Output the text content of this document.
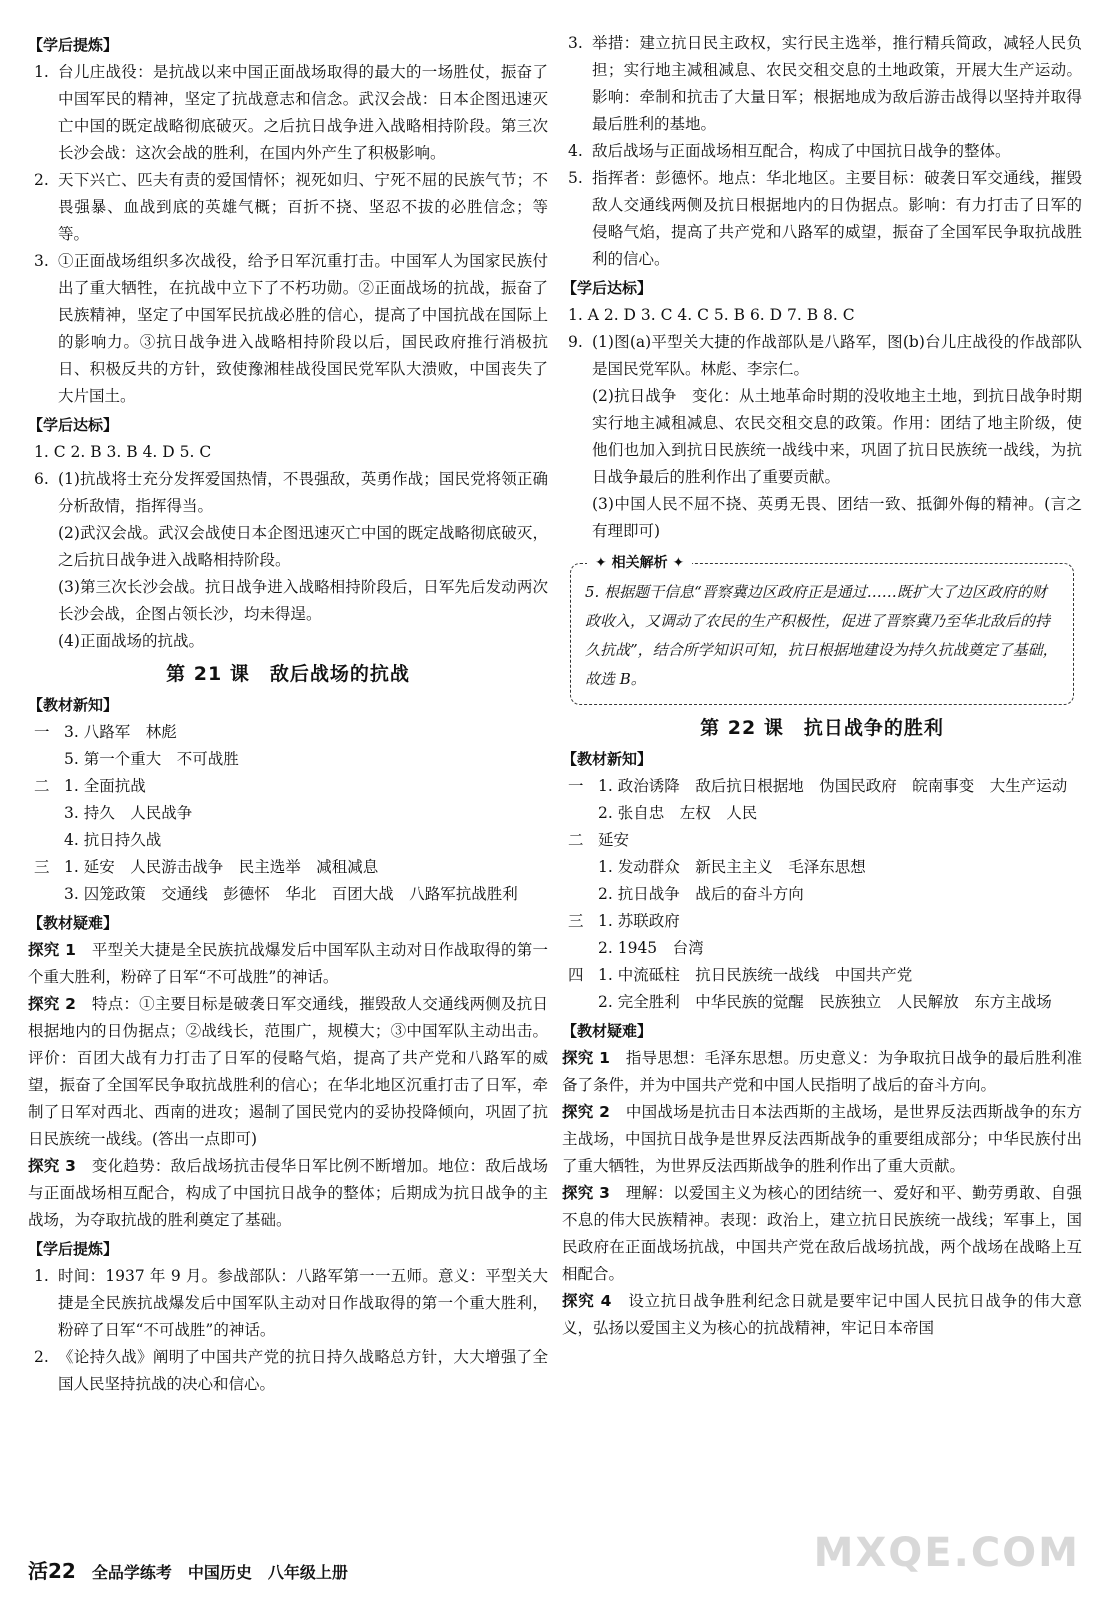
【学后提炼】
1. 台儿庄战役：是抗战以来中国正面战场取得的最大的一场胜仗，振奋了中国军民的精神，坚定了抗战意志和信念。武汉会战：日本企图迅速灭亡中国的既定战略彻底破灭。之后抗日战争进入战略相持阶段。第三次长沙会战：这次会战的胜利，在国内外产生了积极影响。
2. 天下兴亡、匹夫有责的爱国情怀；视死如归、宁死不屈的民族气节；不畏强暴、血战到底的英雄气概；百折不挠、坚忍不拔的必胜信念；等等。
3. ①正面战场组织多次战役，给予日军沉重打击。中国军人为国家民族付出了重大牺牲，在抗战中立下了不朽功勋。②正面战场的抗战，振奋了民族精神，坚定了中国军民抗战必胜的信心，提高了中国抗战在国际上的影响力。③抗日战争进入战略相持阶段以后，国民政府推行消极抗日、积极反共的方针，致使豫湘桂战役国民党军队大溃败，中国丧失了大片国土。
【学后达标】
1. C 2. B 3. B 4. D 5. C
6. (1)抗战将士充分发挥爱国热情，不畏强敌，英勇作战；国民党将领正确分析敌情，指挥得当。
(2)武汉会战。武汉会战使日本企图迅速灭亡中国的既定战略彻底破灭，之后抗日战争进入战略相持阶段。
(3)第三次长沙会战。抗日战争进入战略相持阶段后，日军先后发动两次长沙会战，企图占领长沙，均未得逞。
(4)正面战场的抗战。
第 21 课　敌后战场的抗战
【教材新知】
一 3. 八路军　林彪
5. 第一个重大　不可战胜
二 1. 全面抗战
3. 持久　人民战争
4. 抗日持久战
三 1. 延安　人民游击战争　民主选举　减租减息
3. 囚笼政策　交通线　彭德怀　华北　百团大战　八路军抗战胜利
【教材疑难】
探究 1　 平型关大捷是全民族抗战爆发后中国军队主动对日作战取得的第一个重大胜利，粉碎了日军“不可战胜”的神话。
探究 2　 特点：①主要目标是破袭日军交通线，摧毁敌人交通线两侧及抗日根据地内的日伪据点；②战线长，范围广，规模大；③中国军队主动出击。评价：百团大战有力打击了日军的侵略气焰，提高了共产党和八路军的威望，振奋了全国军民争取抗战胜利的信心；在华北地区沉重打击了日军，牵制了日军对西北、西南的进攻；遏制了国民党内的妥协投降倾向，巩固了抗日民族统一战线。(答出一点即可)
探究 3　 变化趋势：敌后战场抗击侵华日军比例不断增加。地位：敌后战场与正面战场相互配合，构成了中国抗日战争的整体；后期成为抗日战争的主战场，为夺取抗战的胜利奠定了基础。
【学后提炼】
1. 时间：1937 年 9 月。参战部队：八路军第一一五师。意义：平型关大捷是全民族抗战爆发后中国军队主动对日作战取得的第一个重大胜利，粉碎了日军“不可战胜”的神话。
2. 《论持久战》阐明了中国共产党的抗日持久战略总方针，大大增强了全国人民坚持抗战的决心和信心。
3. 举措：建立抗日民主政权，实行民主选举，推行精兵简政，减轻人民负担；实行地主减租减息、农民交租交息的土地政策，开展大生产运动。影响：牵制和抗击了大量日军；根据地成为敌后游击战得以坚持并取得最后胜利的基地。
4. 敌后战场与正面战场相互配合，构成了中国抗日战争的整体。
5. 指挥者：彭德怀。地点：华北地区。主要目标：破袭日军交通线，摧毁敌人交通线两侧及抗日根据地内的日伪据点。影响：有力打击了日军的侵略气焰，提高了共产党和八路军的威望，振奋了全国军民争取抗战胜利的信心。
【学后达标】
1. A 2. D 3. C 4. C 5. B 6. D 7. B 8. C
9. (1)图(a)平型关大捷的作战部队是八路军，图(b)台儿庄战役的作战部队是国民党军队。林彪、李宗仁。
(2)抗日战争　变化：从土地革命时期的没收地主土地，到抗日战争时期实行地主减租减息、农民交租交息的政策。作用：团结了地主阶级，使他们也加入到抗日民族统一战线中来，巩固了抗日民族统一战线，为抗日战争最后的胜利作出了重要贡献。
(3)中国人民不屈不挠、英勇无畏、团结一致、抵御外侮的精神。(言之有理即可)
✦ 相关解析 ✦
5. 根据题干信息“晋察冀边区政府正是通过……既扩大了边区政府的财政收入，又调动了农民的生产积极性，促进了晋察冀乃至华北敌后的持久抗战”，结合所学知识可知，抗日根据地建设为持久抗战奠定了基础，故选 B。
第 22 课　抗日战争的胜利
【教材新知】
一 1. 政治诱降　敌后抗日根据地　伪国民政府　皖南事变　大生产运动
2. 张自忠　左权　人民
二 延安
1. 发动群众　新民主主义　毛泽东思想
2. 抗日战争　战后的奋斗方向
三 1. 苏联政府
2. 1945　台湾
四 1. 中流砥柱　抗日民族统一战线　中国共产党
2. 完全胜利　中华民族的觉醒　民族独立　人民解放　东方主战场
【教材疑难】
探究 1　 指导思想：毛泽东思想。历史意义：为争取抗日战争的最后胜利准备了条件，并为中国共产党和中国人民指明了战后的奋斗方向。
探究 2　 中国战场是抗击日本法西斯的主战场，是世界反法西斯战争的东方主战场，中国抗日战争是世界反法西斯战争的重要组成部分；中华民族付出了重大牺牲，为世界反法西斯战争的胜利作出了重大贡献。
探究 3　 理解：以爱国主义为核心的团结统一、爱好和平、勤劳勇敢、自强不息的伟大民族精神。表现：政治上，建立抗日民族统一战线；军事上，国民政府在正面战场抗战，中国共产党在敌后战场抗战，两个战场在战略上互相配合。
探究 4　 设立抗日战争胜利纪念日就是要牢记中国人民抗日战争的伟大意义，弘扬以爱国主义为核心的抗战精神，牢记日本帝国
活22 全品学练考 中国历史 八年级上册	MXQE.COM
